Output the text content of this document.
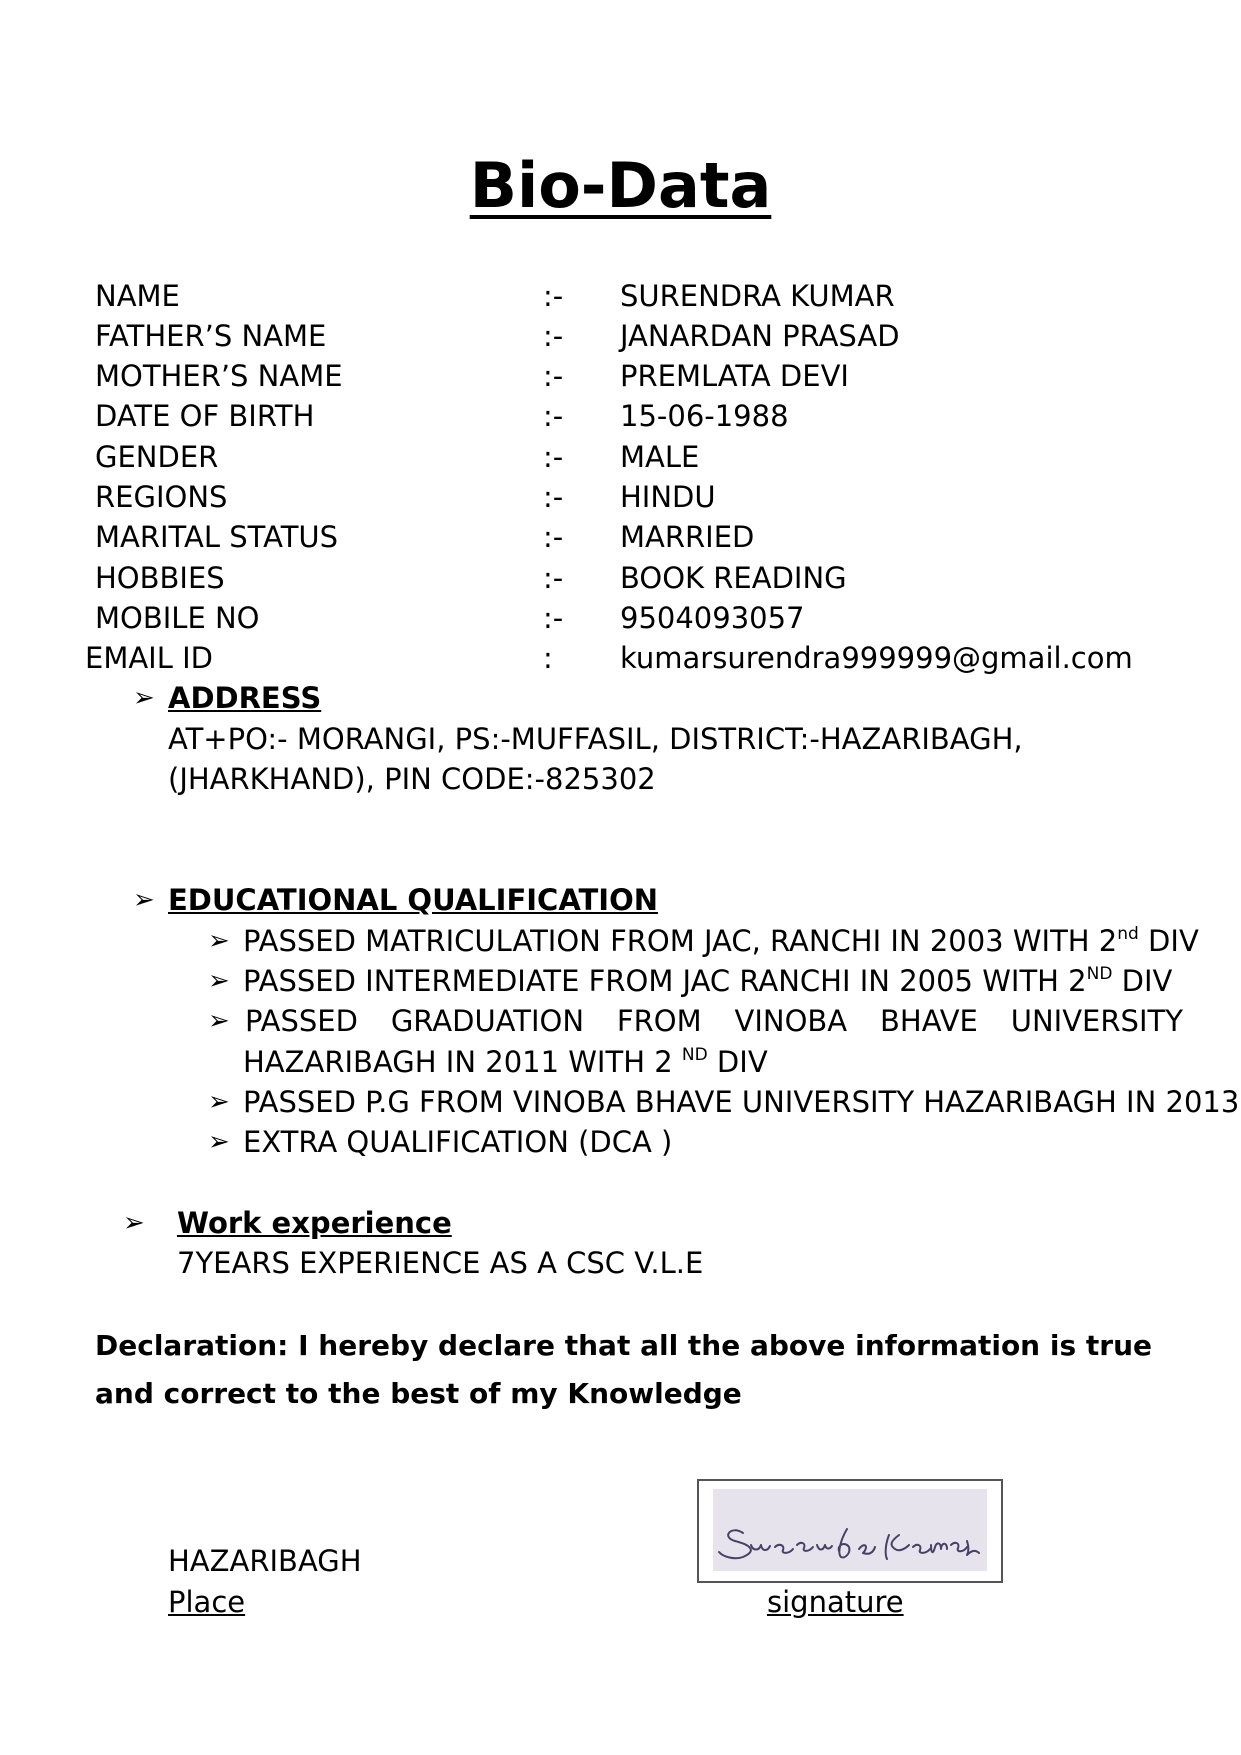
Bio-Data
NAME	:- SURENDRA KUMAR
FATHER’S NAME	:- JANARDAN PRASAD
MOTHER’S NAME	:- PREMLATA DEVI
DATE OF BIRTH	:- 15-06-1988
GENDER	:- MALE
REGIONS	:- HINDU
MARITAL STATUS	:- MARRIED
HOBBIES	:- BOOK READING
MOBILE NO	:- 9504093057
EMAIL ID	: kumarsurendra999999@gmail.com
➢ ADDRESS
AT+PO:- MORANGI, PS:-MUFFASIL, DISTRICT:-HAZARIBAGH,
(JHARKHAND), PIN CODE:-825302
➢ EDUCATIONAL QUALIFICATION
➢ PASSED MATRICULATION FROM JAC, RANCHI IN 2003 WITH 2nd DIV
➢ PASSED INTERMEDIATE FROM JAC RANCHI IN 2005 WITH 2ND DIV
➢ PASSED GRADUATION FROM VINOBA BHAVE UNIVERSITY
HAZARIBAGH IN 2011 WITH 2 $^{ND}$ DIV
➢ PASSED P.G FROM VINOBA BHAVE UNIVERSITY HAZARIBAGH IN 2013
➢ EXTRA QUALIFICATION (DCA )
➢ Work experience
7YEARS EXPERIENCE AS A CSC V.L.E
Declaration: I hereby declare that all the above information is true and correct to the best of my Knowledge
HAZARIBAGH
Place	signature
